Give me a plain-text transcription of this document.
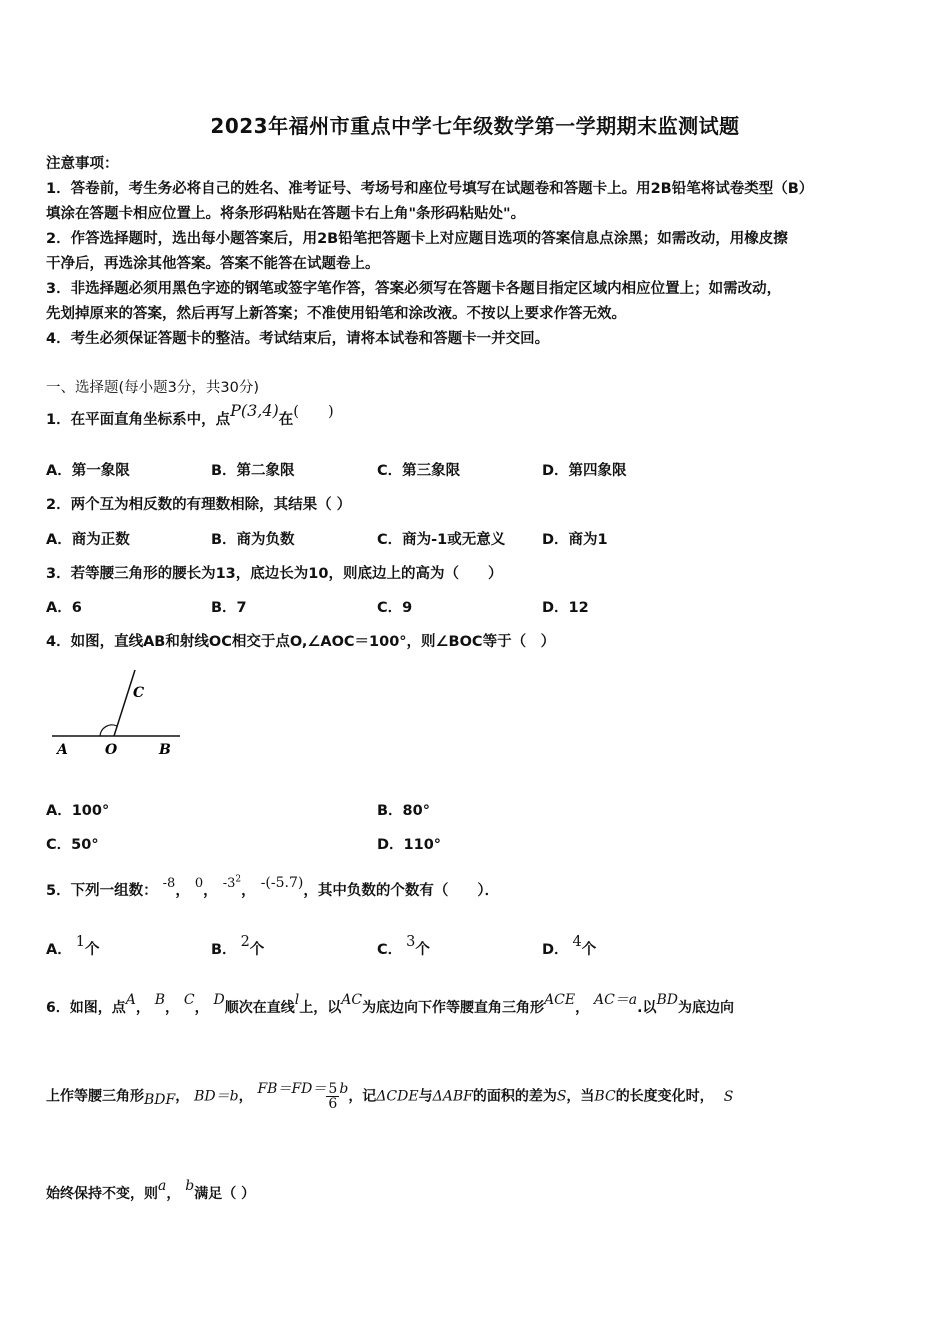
2023年福州市重点中学七年级数学第一学期期末监测试题
注意事项：
1．答卷前，考生务必将自己的姓名、准考证号、考场号和座位号填写在试题卷和答题卡上。用2B铅笔将试卷类型（B）
填涂在答题卡相应位置上。将条形码粘贴在答题卡右上角"条形码粘贴处"。
2．作答选择题时，选出每小题答案后，用2B铅笔把答题卡上对应题目选项的答案信息点涂黑；如需改动，用橡皮擦
干净后，再选涂其他答案。答案不能答在试题卷上。
3．非选择题必须用黑色字迹的钢笔或签字笔作答，答案必须写在答题卡各题目指定区域内相应位置上；如需改动，
先划掉原来的答案，然后再写上新答案；不准使用铅笔和涂改液。不按以上要求作答无效。
4．考生必须保证答题卡的整洁。考试结束后，请将本试卷和答题卡一并交回。
一、选择题(每小题3分，共30分)
1．在平面直角坐标系中，点P(3,4)在(　　)
A．第一象限	B．第二象限	C．第三象限	D．第四象限
2．两个互为相反数的有理数相除，其结果（ ）
A．商为正数	B．商为负数	C．商为-1或无意义	D．商为1
3．若等腰三角形的腰长为13，底边长为10，则底边上的高为（　　）
A．6	B．7	C．9	D．12
4．如图，直线AB和射线OC相交于点O,∠AOC＝100°，则∠BOC等于（　）
A	O	B
C
A．100°	B．80°
C．50°	D．110°
5．下列一组数： -8， 0， $-3^2$， -(-5.7)，其中负数的个数有（　　）．
A． 1个	B． 2个	C． 3个	D． 4个
6．如图，点A， B， C， D顺次在直线l上，以AC为底边向下作等腰直角三角形ACE， AC＝a.以BD为底边向
上作等腰三角形BDF， BD＝b， $FB=FD= \frac{5}{6}$ b，记ΔCDE与ΔABF的面积的差为S，当BC的长度变化时， S
始终保持不变，则a， b满足（ ）
